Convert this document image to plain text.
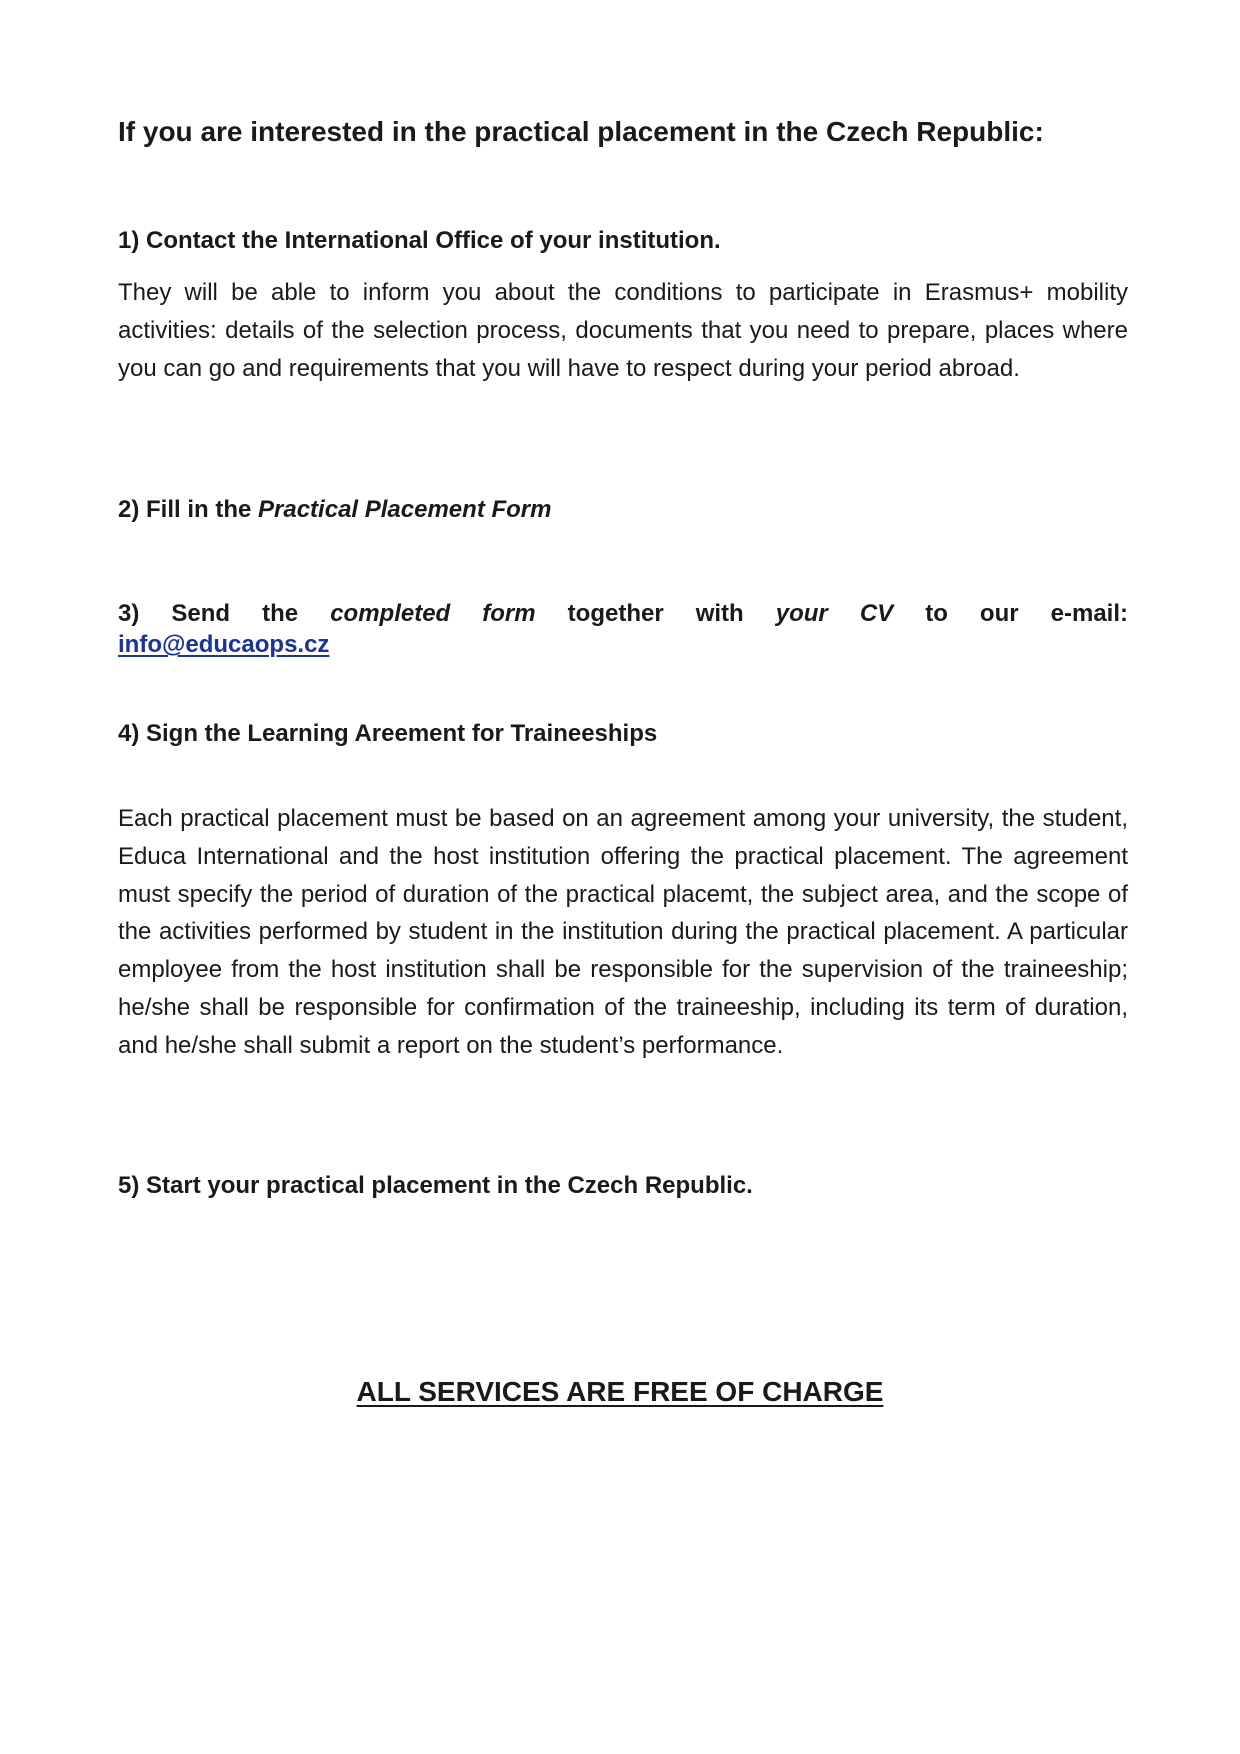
If you are interested in the practical placement in the Czech Republic:
1) Contact the International Office of your institution.

They will be able to inform you about the conditions to participate in Erasmus+ mobility activities: details of the selection process, documents that you need to prepare, places where you can go and requirements that you will have to respect during your period abroad.

2) Fill in the Practical Placement Form
3) Send the completed form together with your CV to our e-mail:
info@educaops.cz
4) Sign the Learning Areement for Traineeships

Each practical placement must be based on an agreement among your university, the student, Educa International and the host institution offering the practical placement. The agreement must specify the period of duration of the practical placemt, the subject area, and the scope of the activities performed by student in the institution during the practical placement. A particular employee from the host institution shall be responsible for the supervision of the traineeship; he/she shall be responsible for confirmation of the traineeship, including its term of duration, and he/she shall submit a report on the student’s performance.

5) Start your practical placement in the Czech Republic.

ALL SERVICES ARE FREE OF CHARGE
